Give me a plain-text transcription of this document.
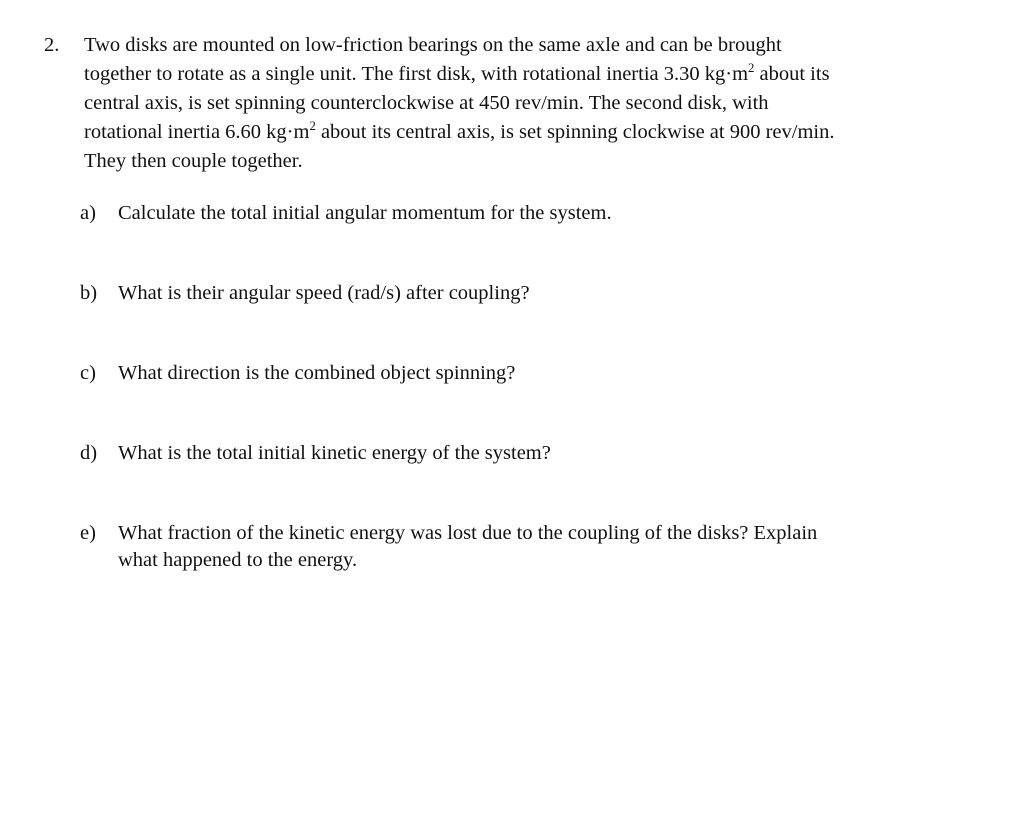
2. Two disks are mounted on low-friction bearings on the same axle and can be brought
together to rotate as a single unit. The first disk, with rotational inertia 3.30 $kg\cdot m^2$ about its
central axis, is set spinning counterclockwise at 450 rev/min. The second disk, with
rotational inertia 6.60 $kg\cdot m^2$ about its central axis, is set spinning clockwise at 900 rev/min.
They then couple together.
a) Calculate the total initial angular momentum for the system.
b) What is their angular speed (rad/s) after coupling?
c) What direction is the combined object spinning?
d) What is the total initial kinetic energy of the system?
e) What fraction of the kinetic energy was lost due to the coupling of the disks? Explain
what happened to the energy.
